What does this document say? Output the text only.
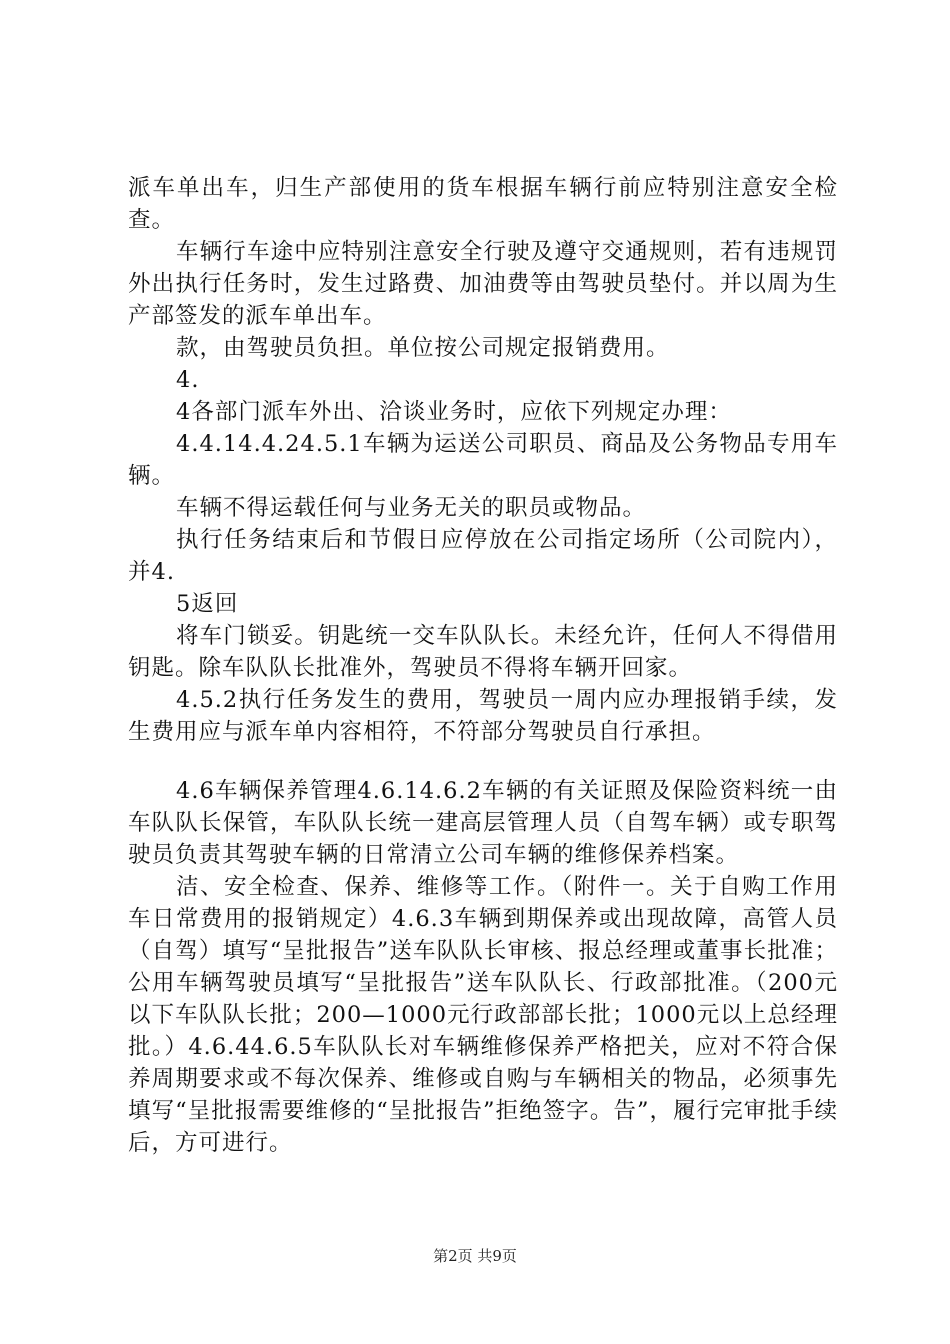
派车单出车，归生产部使用的货车根据车辆行前应特别注意安全检查。

车辆行车途中应特别注意安全行驶及遵守交通规则，若有违规罚外出执行任务时，发生过路费、加油费等由驾驶员垫付。并以周为生产部签发的派车单出车。

款，由驾驶员负担。单位按公司规定报销费用。

4.

4各部门派车外出、洽谈业务时，应依下列规定办理：

4.4.14.4.24.5.1车辆为运送公司职员、商品及公务物品专用车辆。

车辆不得运载任何与业务无关的职员或物品。

执行任务结束后和节假日应停放在公司指定场所（公司院内），并4.

5返回

将车门锁妥。钥匙统一交车队队长。未经允许，任何人不得借用钥匙。除车队队长批准外，驾驶员不得将车辆开回家。

4.5.2执行任务发生的费用，驾驶员一周内应办理报销手续，发生费用应与派车单内容相符，不符部分驾驶员自行承担。

4.6车辆保养管理4.6.14.6.2车辆的有关证照及保险资料统一由车队队长保管，车队队长统一建高层管理人员（自驾车辆）或专职驾驶员负责其驾驶车辆的日常清立公司车辆的维修保养档案。

洁、安全检查、保养、维修等工作。（附件一。关于自购工作用车日常费用的报销规定）4.6.3车辆到期保养或出现故障，高管人员（自驾）填写“呈批报告”送车队队长审核、报总经理或董事长批准；公用车辆驾驶员填写“呈批报告”送车队队长、行政部批准。（200元以下车队队长批；200—1000元行政部部长批；1000元以上总经理批。）4.6.44.6.5车队队长对车辆维修保养严格把关，应对不符合保养周期要求或不每次保养、维修或自购与车辆相关的物品，必须事先填写“呈批报需要维修的“呈批报告”拒绝签字。告”，履行完审批手续后，方可进行。

第2页 共9页
